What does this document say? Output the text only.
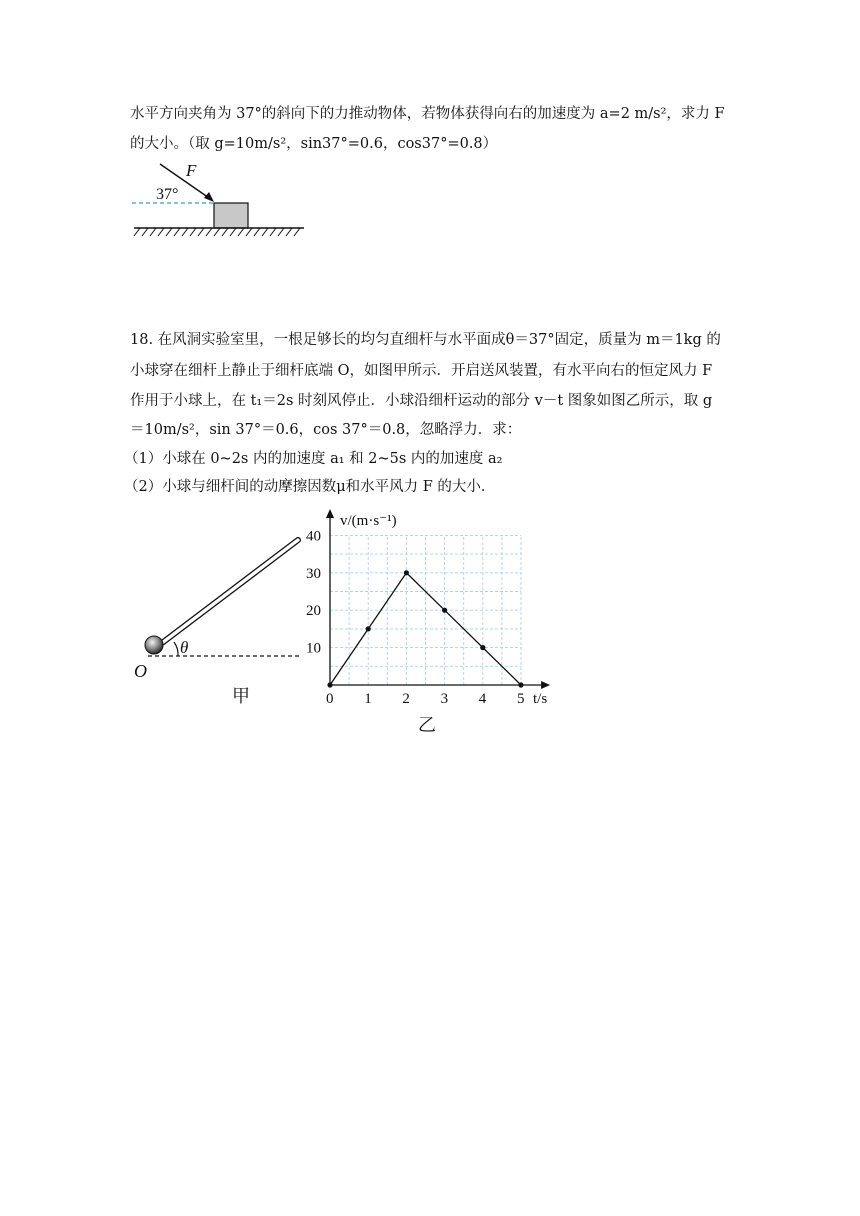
水平方向夹角为 37°的斜向下的力推动物体，若物体获得向右的加速度为 a=2 m/s²，求力 F
的大小。（取 g=10m/s²，sin37°=0.6，cos37°=0.8）
F
37°
18. 在风洞实验室里，一根足够长的均匀直细杆与水平面成θ＝37°固定，质量为 m＝1kg 的
小球穿在细杆上静止于细杆底端 O，如图甲所示．开启送风装置，有水平向右的恒定风力 F
作用于小球上，在 t₁＝2s 时刻风停止．小球沿细杆运动的部分 v－t 图象如图乙所示，取 g
＝10m/s²，sin 37°＝0.6，cos 37°＝0.8，忽略浮力．求：
（1）小球在 0~2s 内的加速度 a₁ 和 2~5s 内的加速度 a₂
（2）小球与细杆间的动摩擦因数μ和水平风力 F 的大小．
θ
O
甲	0 1 2 3 4 5
10
20
30
40
v/(m·s⁻¹)
t/s
乙
